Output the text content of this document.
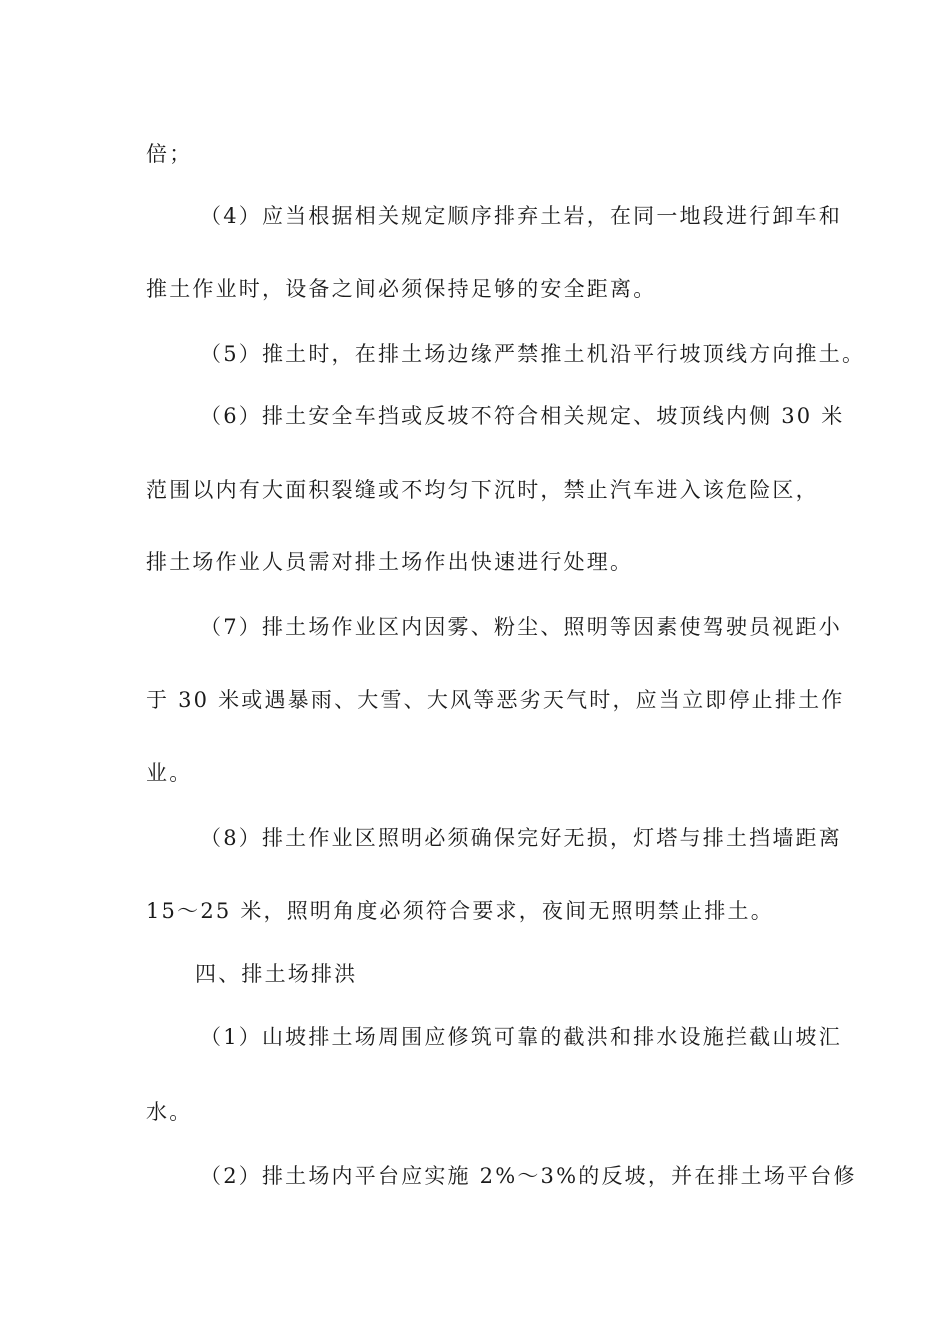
倍；
（4）应当根据相关规定顺序排弃土岩，在同一地段进行卸车和
推土作业时，设备之间必须保持足够的安全距离。
（5）推土时，在排土场边缘严禁推土机沿平行坡顶线方向推土。
（6）排土安全车挡或反坡不符合相关规定、坡顶线内侧 30 米
范围以内有大面积裂缝或不均匀下沉时，禁止汽车进入该危险区，
排土场作业人员需对排土场作出快速进行处理。
（7）排土场作业区内因雾、粉尘、照明等因素使驾驶员视距小
于 30 米或遇暴雨、大雪、大风等恶劣天气时，应当立即停止排土作
业。
（8）排土作业区照明必须确保完好无损，灯塔与排土挡墙距离
15～25 米，照明角度必须符合要求，夜间无照明禁止排土。
四、排土场排洪
（1）山坡排土场周围应修筑可靠的截洪和排水设施拦截山坡汇
水。
（2）排土场内平台应实施 2%～3%的反坡，并在排土场平台修
